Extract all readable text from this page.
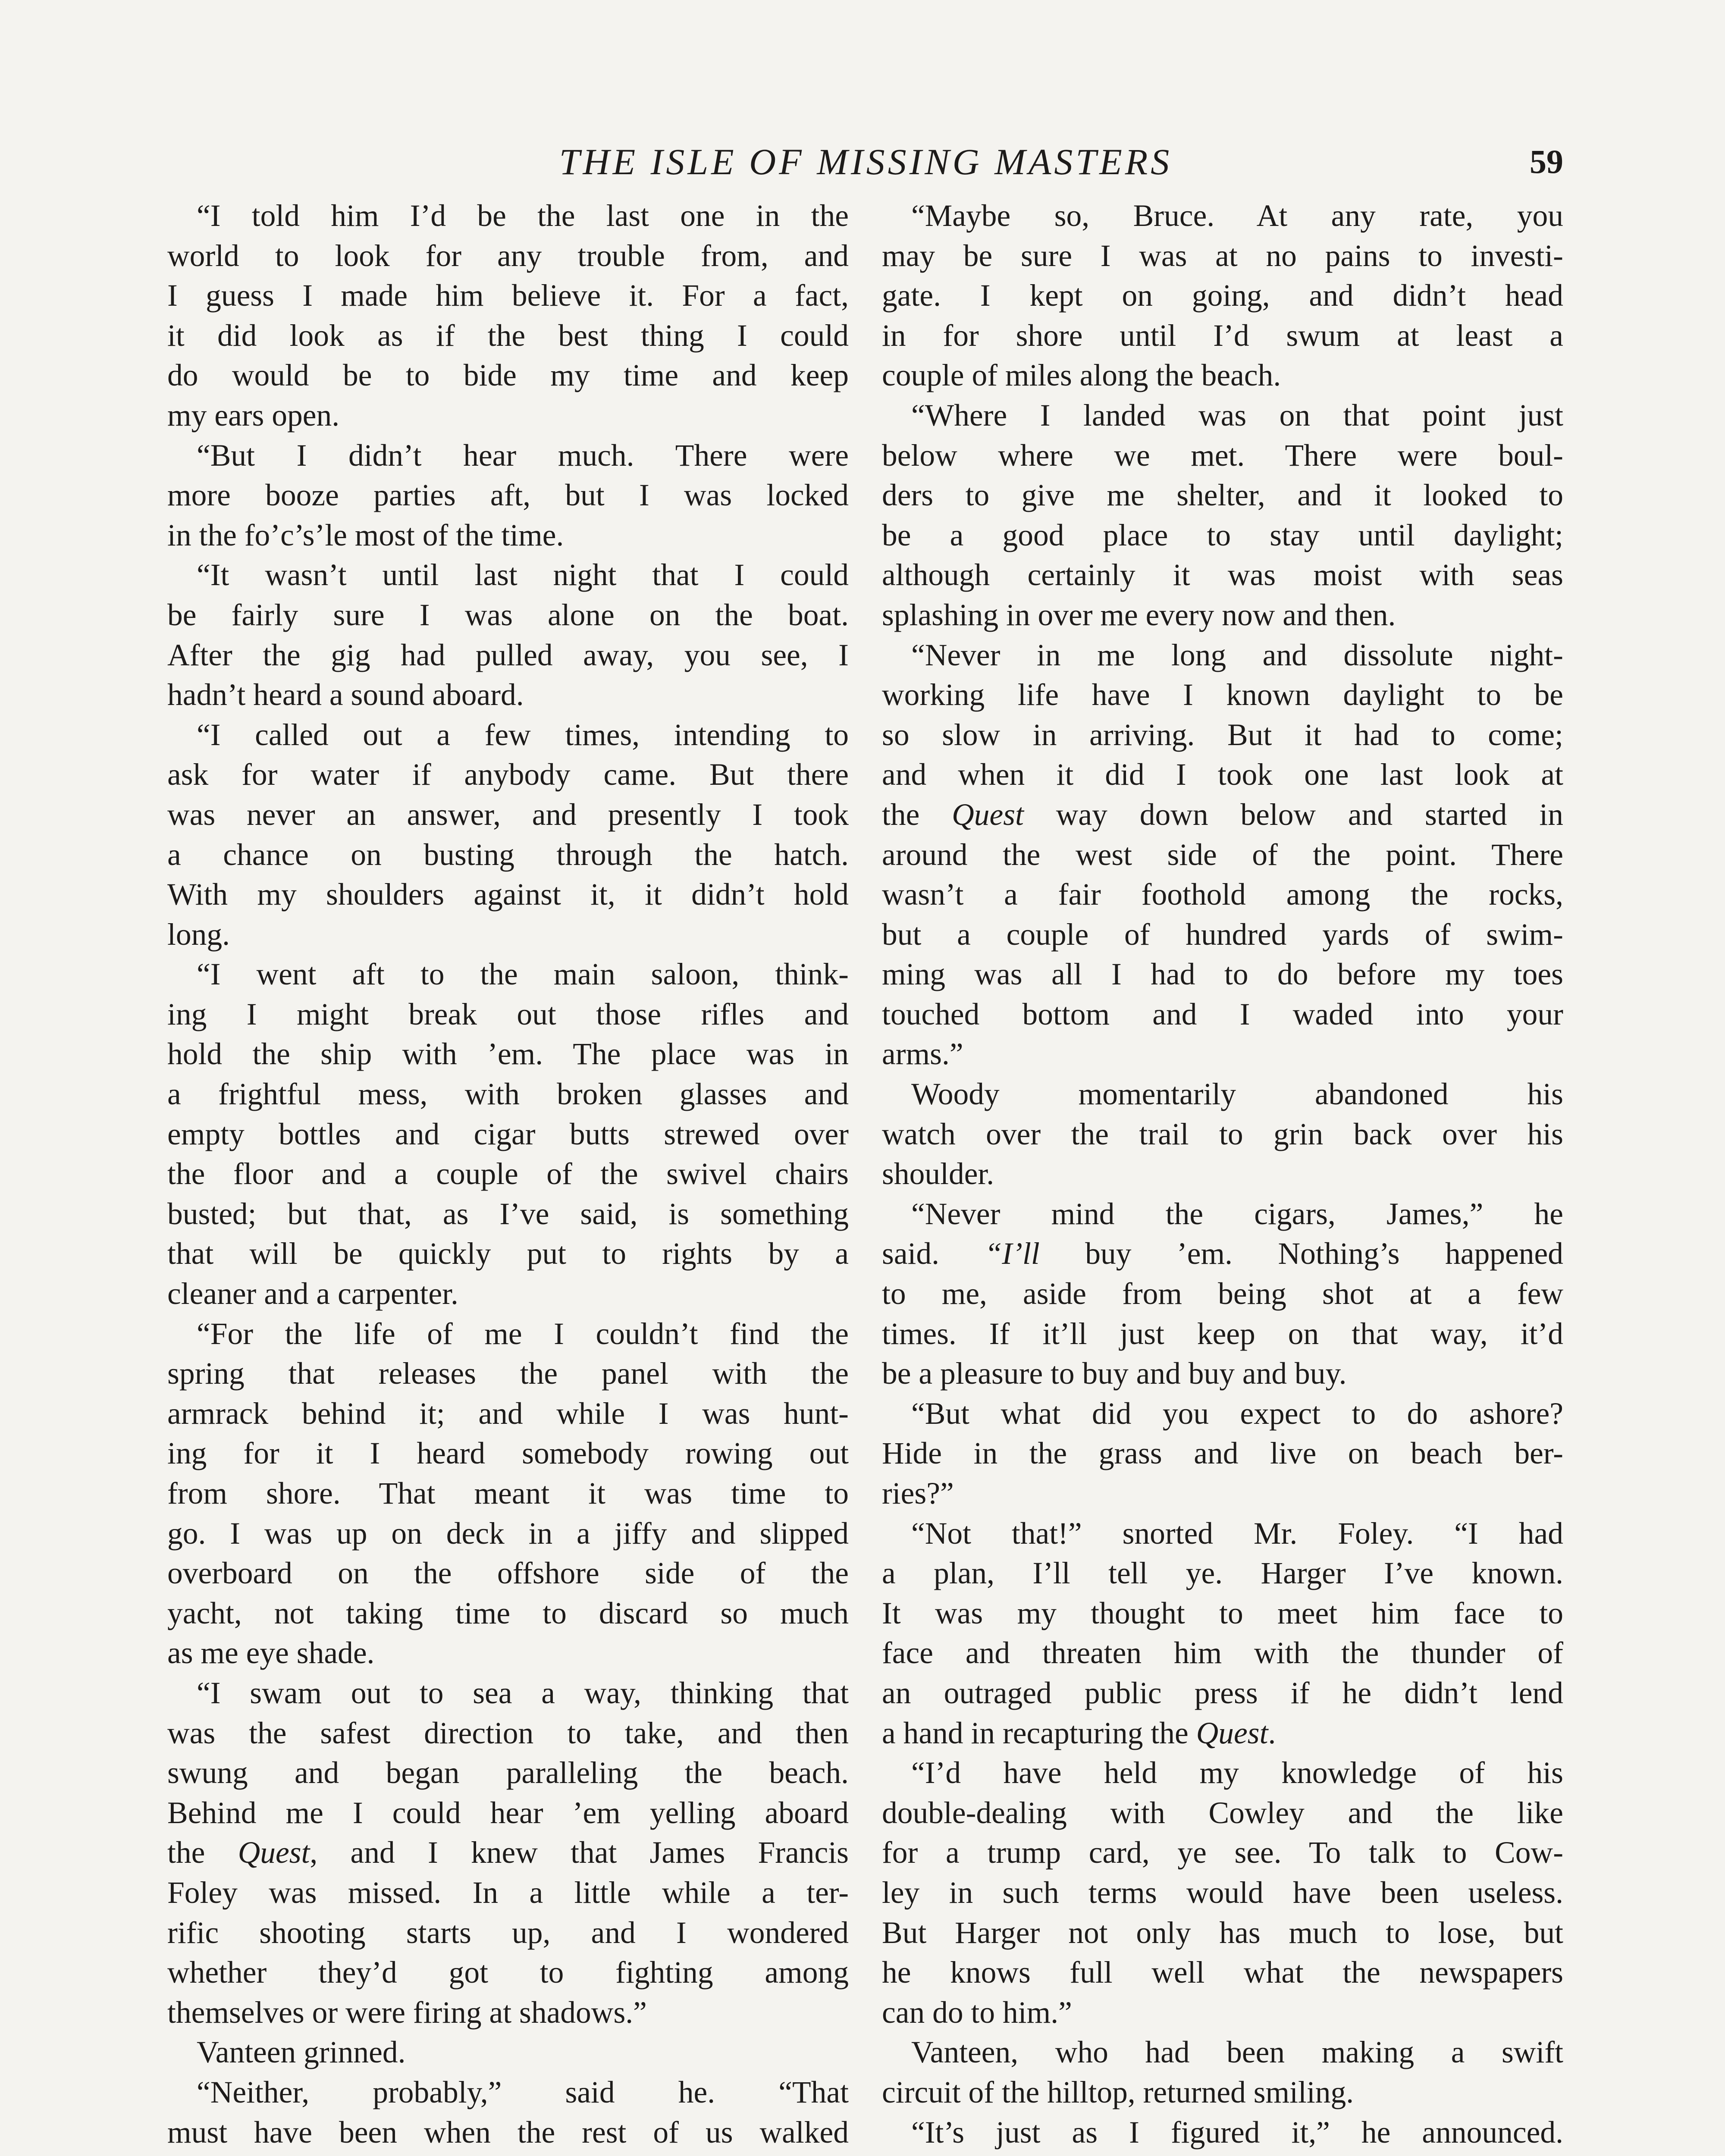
THE ISLE OF MISSING MASTERS	59

“I told him I’d be the last one in the
world to look for any trouble from, and
I guess I made him believe it. For a fact,
it did look as if the best thing I could
do would be to bide my time and keep
my ears open.

“But I didn’t hear much. There were
more booze parties aft, but I was locked
in the fo’c’s’le most of the time.

“It wasn’t until last night that I could
be fairly sure I was alone on the boat.
After the gig had pulled away, you see, I
hadn’t heard a sound aboard.

“I called out a few times, intending to
ask for water if anybody came. But there
was never an answer, and presently I took
a chance on busting through the hatch.
With my shoulders against it, it didn’t hold
long.

“I went aft to the main saloon, think-
ing I might break out those rifles and
hold the ship with ’em. The place was in
a frightful mess, with broken glasses and
empty bottles and cigar butts strewed over
the floor and a couple of the swivel chairs
busted; but that, as I’ve said, is something
that will be quickly put to rights by a
cleaner and a carpenter.

“For the life of me I couldn’t find the
spring that releases the panel with the
armrack behind it; and while I was hunt-
ing for it I heard somebody rowing out
from shore. That meant it was time to
go. I was up on deck in a jiffy and slipped
overboard on the offshore side of the
yacht, not taking time to discard so much
as me eye shade.

“I swam out to sea a way, thinking that
was the safest direction to take, and then
swung and began paralleling the beach.
Behind me I could hear ’em yelling aboard
the Quest, and I knew that James Francis
Foley was missed. In a little while a ter-
rific shooting starts up, and I wondered
whether they’d got to fighting among
themselves or were firing at shadows.”

Vanteen grinned.

“Neither, probably,” said he. “That
must have been when the rest of us walked

“Maybe so, Bruce. At any rate, you
may be sure I was at no pains to investi-
gate. I kept on going, and didn’t head
in for shore until I’d swum at least a
couple of miles along the beach.

“Where I landed was on that point just
below where we met. There were boul-
ders to give me shelter, and it looked to
be a good place to stay until daylight;
although certainly it was moist with seas
splashing in over me every now and then.

“Never in me long and dissolute night-
working life have I known daylight to be
so slow in arriving. But it had to come;
and when it did I took one last look at
the Quest way down below and started in
around the west side of the point. There
wasn’t a fair foothold among the rocks,
but a couple of hundred yards of swim-
ming was all I had to do before my toes
touched bottom and I waded into your
arms.”

Woody momentarily abandoned his
watch over the trail to grin back over his
shoulder.

“Never mind the cigars, James,” he
said. “I’ll buy ’em. Nothing’s happened
to me, aside from being shot at a few
times. If it’ll just keep on that way, it’d
be a pleasure to buy and buy and buy.

“But what did you expect to do ashore?
Hide in the grass and live on beach ber-
ries?”

“Not that!” snorted Mr. Foley. “I had
a plan, I’ll tell ye. Harger I’ve known.
It was my thought to meet him face to
face and threaten him with the thunder of
an outraged public press if he didn’t lend
a hand in recapturing the Quest.

“I’d have held my knowledge of his
double-dealing with Cowley and the like
for a trump card, ye see. To talk to Cow-
ley in such terms would have been useless.
But Harger not only has much to lose, but
he knows full well what the newspapers
can do to him.”

Vanteen, who had been making a swift
circuit of the hilltop, returned smiling.

“It’s just as I figured it,” he announced.
